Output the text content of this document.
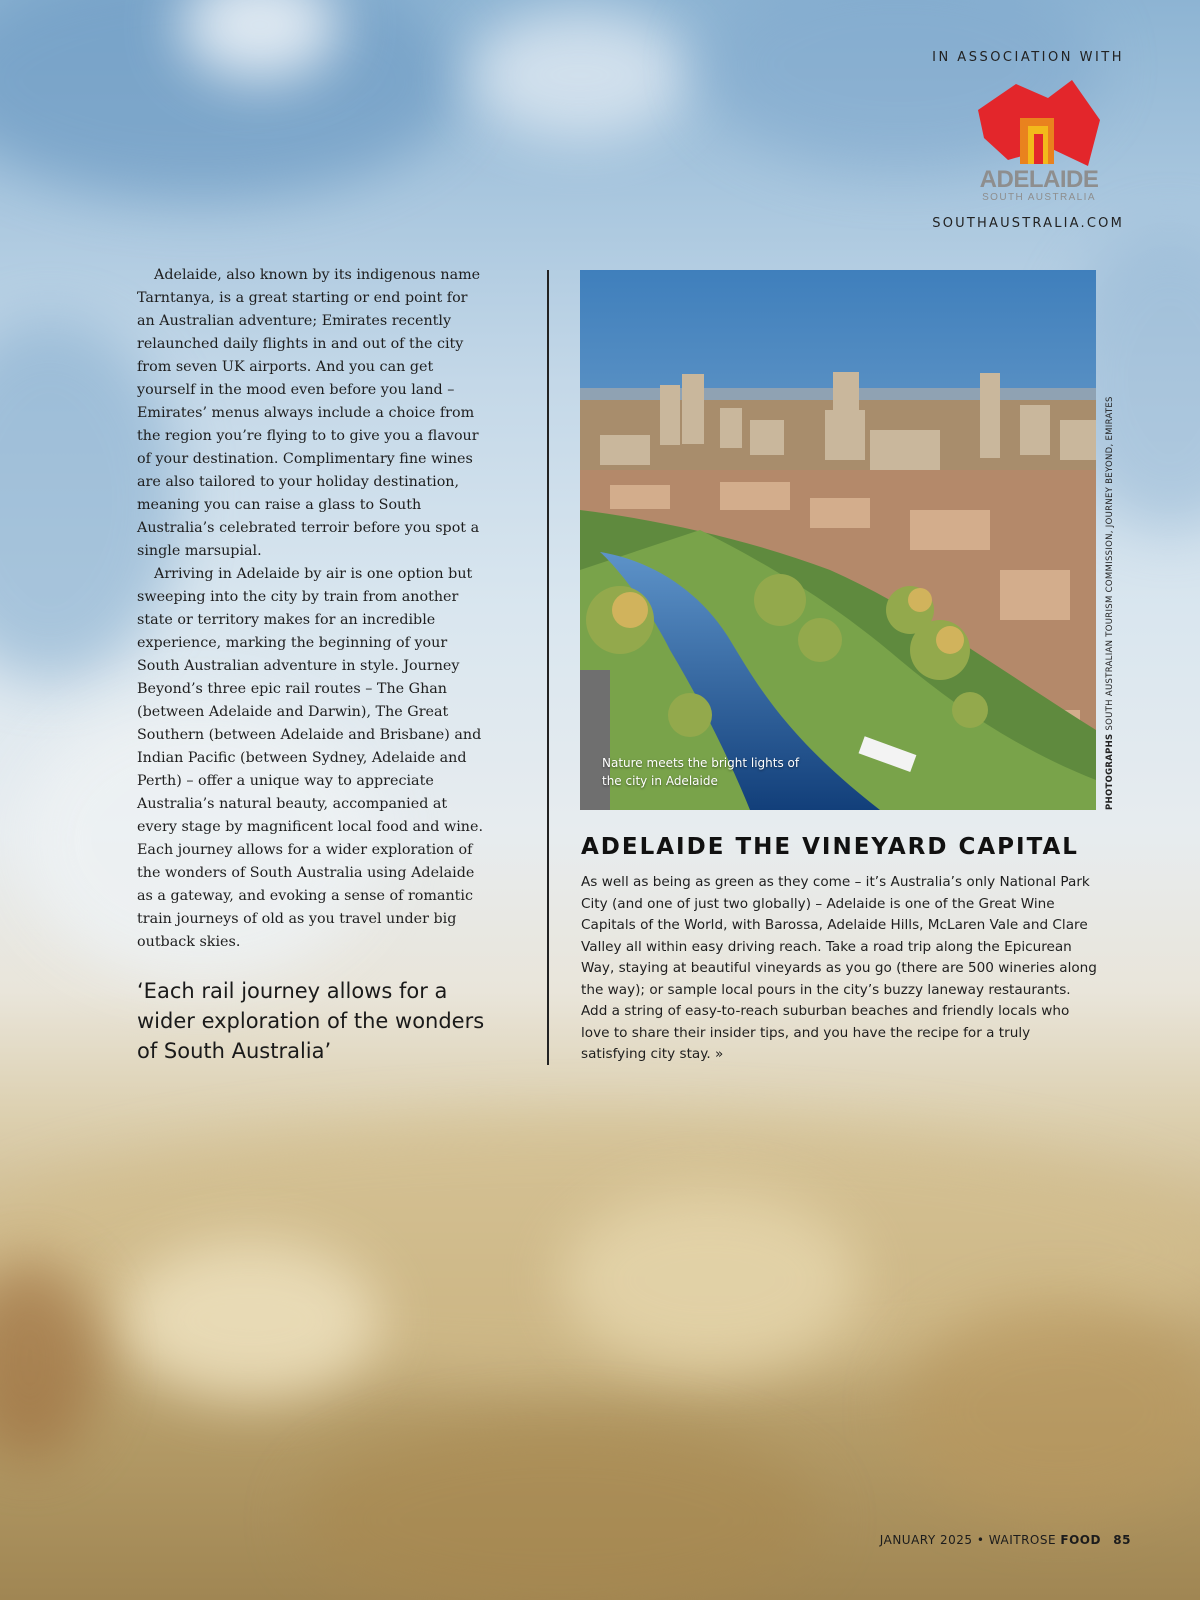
IN ASSOCIATION WITH
ADELAIDE
SOUTH AUSTRALIA
SOUTHAUSTRALIA.COM

Adelaide, also known by its indigenous name Tarntanya, is a great starting or end point for an Australian adventure; Emirates recently relaunched daily flights in and out of the city from seven UK airports. And you can get yourself in the mood even before you land – Emirates’ menus always include a choice from the region you’re flying to to give you a flavour of your destination. Complimentary fine wines are also tailored to your holiday destination, meaning you can raise a glass to South Australia’s celebrated terroir before you spot a single marsupial.

Arriving in Adelaide by air is one option but sweeping into the city by train from another state or territory makes for an incredible experience, marking the beginning of your South Australian adventure in style. Journey Beyond’s three epic rail routes – The Ghan (between Adelaide and Darwin), The Great Southern (between Adelaide and Brisbane) and Indian Pacific (between Sydney, Adelaide and Perth) – offer a unique way to appreciate Australia’s natural beauty, accompanied at every stage by magnificent local food and wine. Each journey allows for a wider exploration of the wonders of South Australia using Adelaide as a gateway, and evoking a sense of romantic train journeys of old as you travel under big outback skies.

‘Each rail journey allows for a wider exploration of the wonders of South Australia’

Nature meets the bright lights of the city in Adelaide	PHOTOGRAPHS SOUTH AUSTRALIAN TOURISM COMMISSION, JOURNEY BEYOND, EMIRATES
ADELAIDE THE VINEYARD CAPITAL

As well as being as green as they come – it’s Australia’s only National Park City (and one of just two globally) – Adelaide is one of the Great Wine Capitals of the World, with Barossa, Adelaide Hills, McLaren Vale and Clare Valley all within easy driving reach. Take a road trip along the Epicurean Way, staying at beautiful vineyards as you go (there are 500 wineries along the way); or sample local pours in the city’s buzzy laneway restaurants. Add a string of easy-to-reach suburban beaches and friendly locals who love to share their insider tips, and you have the recipe for a truly satisfying city stay. »

JANUARY 2025 • WAITROSE FOOD 85
